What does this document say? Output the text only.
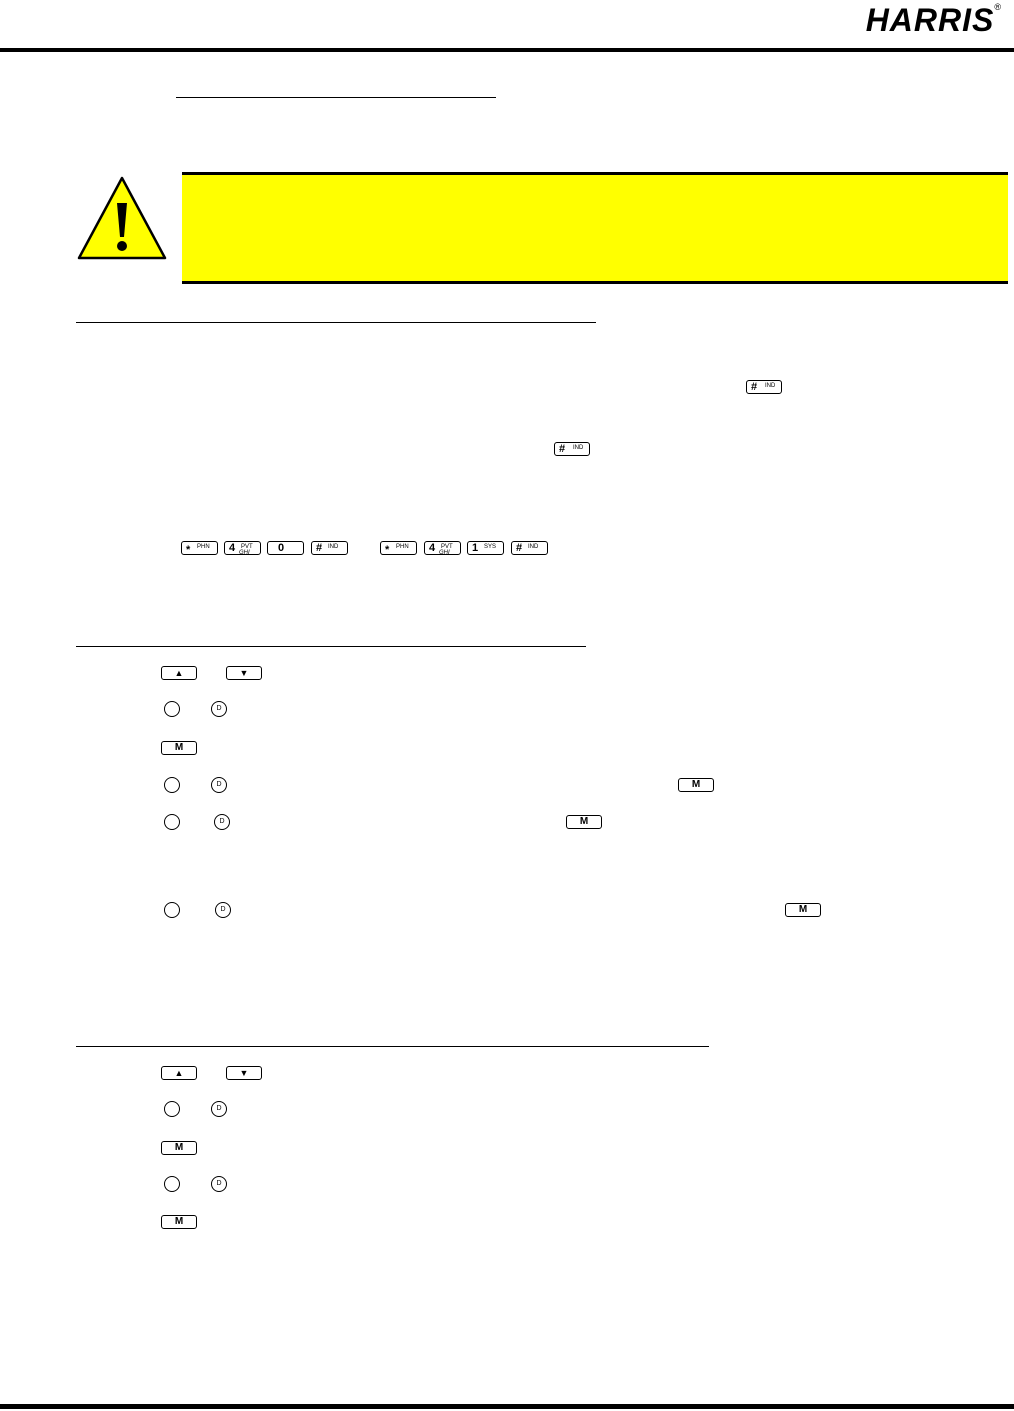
HARRIS®
# IND
# IND
* PHN 4 PVT
GHI	0	# IND	* PHN 4 PVT
GHI 1 SYS # IND
▲	▼
D
M
D	M
D	M
D	M
▲	▼
D
M
D
M
